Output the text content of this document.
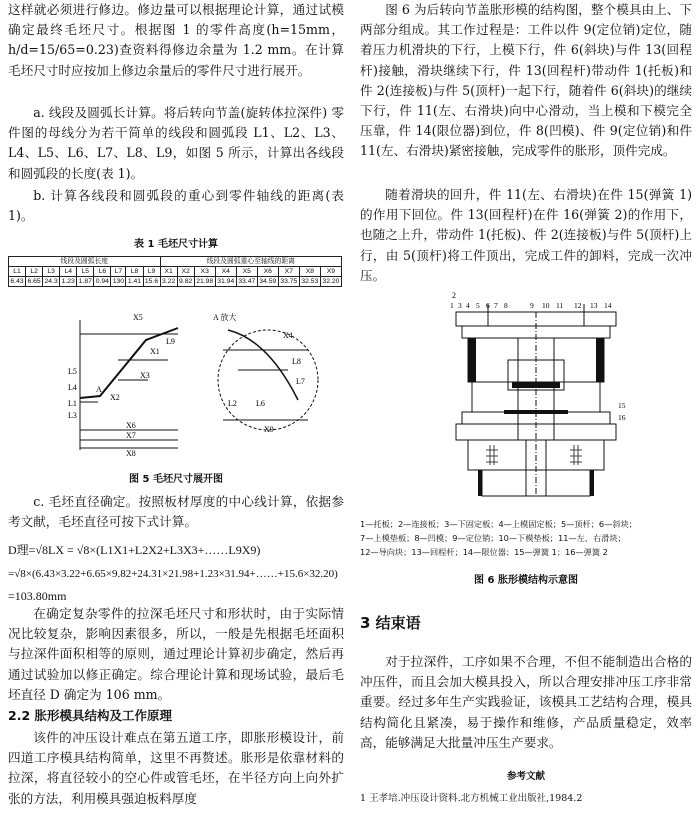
这样就必须进行修边。修边量可以根据理论计算，通过试模确定最终毛坯尺寸。根据图 1 的零件高度(h=15mm，h/d=15/65=0.23)查资料得修边余量为 1.2 mm。在计算毛坯尺寸时应按加上修边余量后的零件尺寸进行展开。

a. 线段及圆弧长计算。将后转向节盖(旋转体拉深件) 零件图的母线分为若干简单的线段和圆弧段 L1、L2、L3、L4、L5、L6、L7、L8、L9，如图 5 所示，计算出各线段和圆弧段的长度(表 1)。

b. 计算各线段和圆弧段的重心到零件轴线的距离(表 1)。

表 1 毛坯尺寸计算

线段及圆弧长度									线段及圆弧重心至轴线的距离								
L1	L2	L3	L4	L5	L6	L7	L8	L9	X1	X2	X3	X4	X5	X6	X7	X8	X9
6.43	6.65	24.3	1.23	1.87	0.94	130	1.41	15.6	3.22	9.82	21.98	31.94	33.47	34.59	33.75	32.53	32.20
X5	A 放大
L9
X4
X1
L8
L5	X3
L4
L7
A
L1
X2
L3
X6
X7
X8
L2 L6
X9

图 5 毛坯尺寸展开图

c. 毛坯直径确定。按照板材厚度的中心线计算，依据参考文献，毛坯直径可按下式计算。

D理=√8LX = √8×(L1X1+L2X2+L3X3+……L9X9)

=√8×(6.43×3.22+6.65×9.82+24.31×21.98+1.23×31.94+……+15.6×32.20)

=103.80mm

在确定复杂零件的拉深毛坯尺寸和形状时，由于实际情况比较复杂，影响因素很多，所以，一般是先根据毛坯面积与拉深件面积相等的原则，通过理论计算初步确定，然后再通过试验加以修正确定。综合理论计算和现场试验，最后毛坯直径 D 确定为 106 mm。

2.2 胀形模具结构及工作原理

该件的冲压设计难点在第五道工序，即胀形模设计，前四道工序模具结构简单，这里不再赘述。胀形是依靠材料的拉深，将直径较小的空心件或管毛坯，在半径方向上向外扩张的方法，利用模具强迫板料厚度

图 6 为后转向节盖胀形模的结构图，整个模具由上、下两部分组成。其工作过程是：工件以件 9(定位销)定位，随着压力机滑块的下行，上模下行，件 6(斜块)与件 13(回程杆)接触，滑块继续下行，件 13(回程杆)带动件 1(托板)和件 2(连接板)与件 5(顶杆)一起下行，随着件 6(斜块)的继续下行，件 11(左、右滑块)向中心滑动，当上模和下模完全压靠，件 14(限位器)到位，件 8(凹模)、件 9(定位销)和件 11(左、右滑块)紧密接触，完成零件的胀形，顶件完成。

随着滑块的回升，件 11(左、右滑块)在件 15(弹簧 1)的作用下回位。件 13(回程杆)在件 16(弹簧 2)的作用下，也随之上升，带动件 1(托板)、件 2(连接板)与件 5(顶杆)上行，由 5(顶杆)将工件顶出，完成工件的卸料，完成一次冲压。

2
1 3 4 5 6 7 8	9 10 11 12 13 14
15
16

1—托板；2—连接板；3—下固定板；4—上模固定板；5—顶杆；6—斜块；

7—上模垫板；8—凹模；9—定位销；10—下模垫板；11—左、右滑块；

12—导向块；13—回程杆；14—限位器；15—弹簧 1；16—弹簧 2

图 6 胀形模结构示意图

3 结束语

对于拉深件，工序如果不合理，不但不能制造出合格的冲压件，而且会加大模具投入，所以合理安排冲压工序非常重要。经过多年生产实践验证，该模具工艺结构合理，模具结构简化且紧凑，易于操作和维修，产品质量稳定，效率高，能够满足大批量冲压生产要求。

参考文献

1 王孝培.冲压设计资料.北方机械工业出版社,1984.2
